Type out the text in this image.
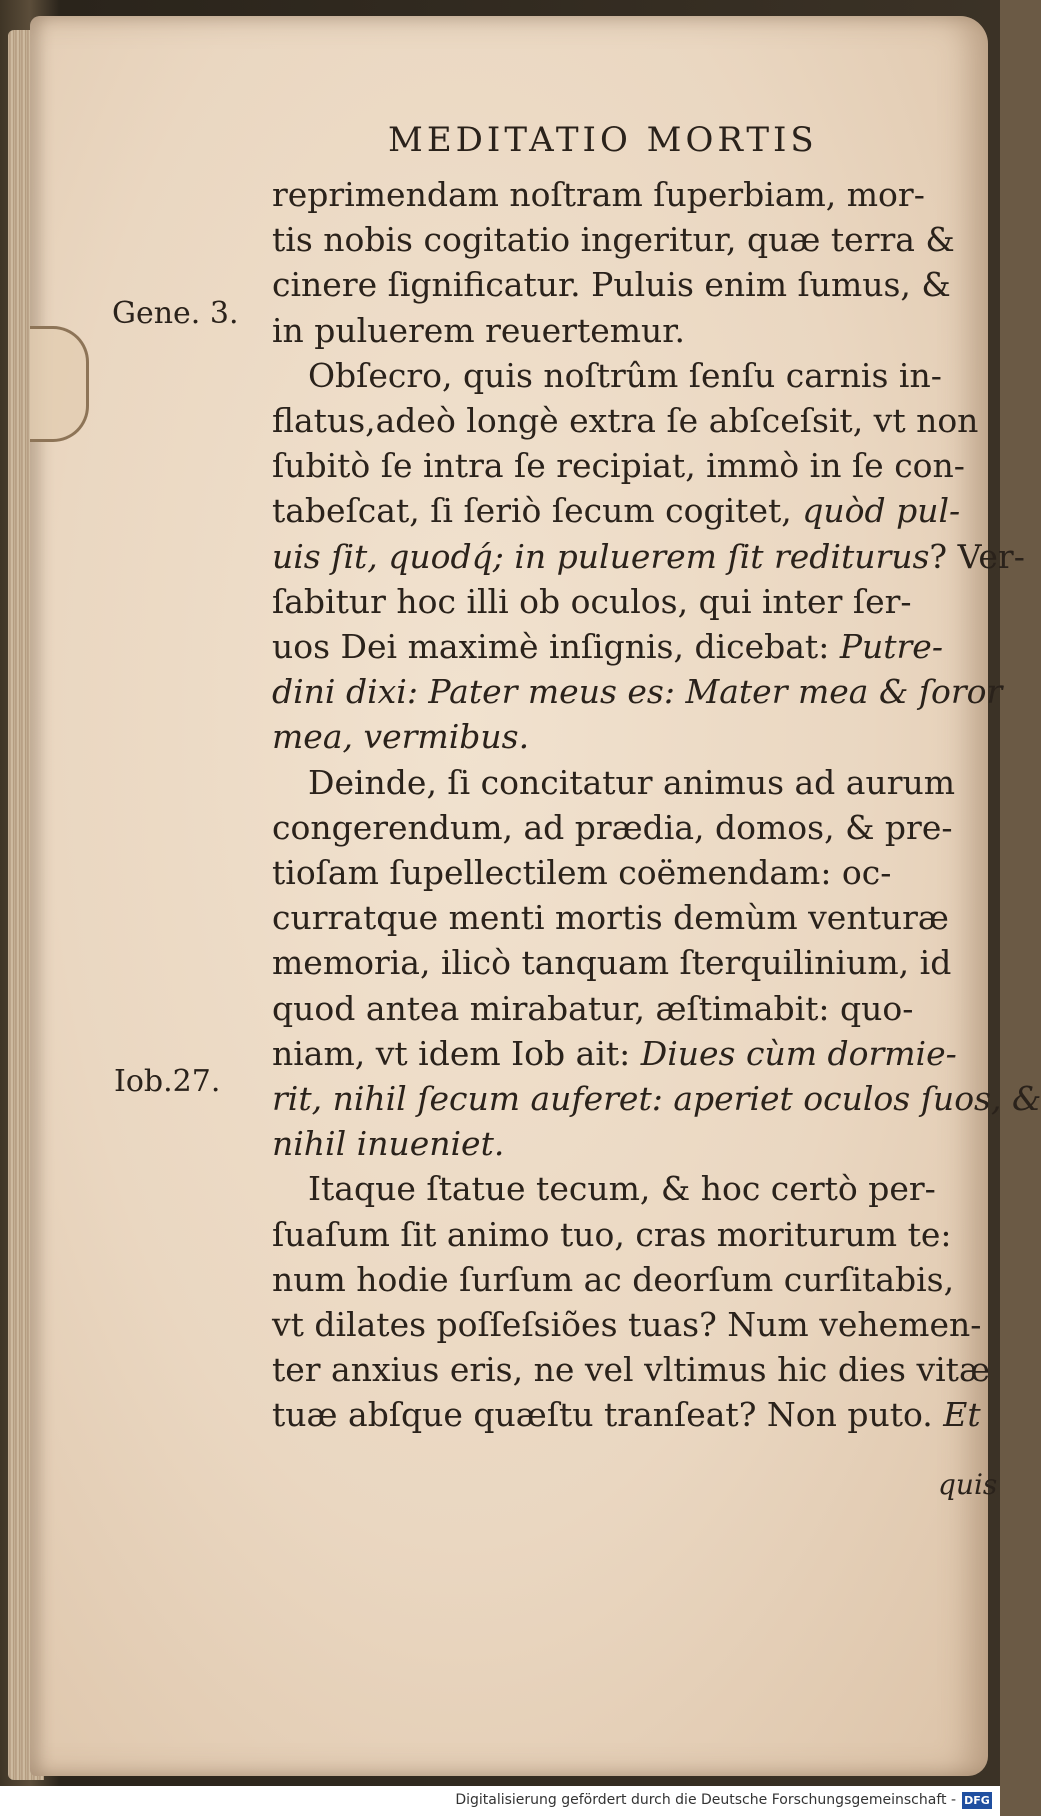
MEDITATIO MORTIS
Gene. 3.
Iob.27.
reprimendam noſtram ſuperbiam, mor-
tis nobis cogitatio ingeritur, quæ terra &
cinere ſignificatur. Puluis enim ſumus, &
in puluerem reuertemur.
Obſecro, quis noſtrûm ſenſu carnis in-
flatus,adeò longè extra ſe abſceſsit, vt non
ſubitò ſe intra ſe recipiat, immò in ſe con-
tabeſcat, ſi ſeriò ſecum cogitet, quòd pul-
uis ſit, quodq́; in puluerem ſit rediturus? Ver-
ſabitur hoc illi ob oculos, qui inter ſer-
uos Dei maximè inſignis, dicebat: Putre-
dini dixi: Pater meus es: Mater mea & ſoror
mea, vermibus.
Deinde, ſi concitatur animus ad aurum
congerendum, ad prædia, domos, & pre-
tioſam ſupellectilem coëmendam: oc-
curratque menti mortis demùm venturæ
memoria, ilicò tanquam ſterquilinium, id
quod antea mirabatur, æſtimabit: quo-
niam, vt idem Iob ait: Diues cùm dormie-
rit, nihil ſecum auferet: aperiet oculos ſuos, &
nihil inueniet.
Itaque ſtatue tecum, & hoc certò per-
ſuaſum ſit animo tuo, cras moriturum te:
num hodie ſurſum ac deorſum curſitabis,
vt dilates poſſeſsiões tuas? Num vehemen-
ter anxius eris, ne vel vltimus hic dies vitæ
tuæ abſque quæſtu tranſeat? Non puto. Et
quis
Digitalisierung gefördert durch die Deutsche Forschungsgemeinschaft - DFG
